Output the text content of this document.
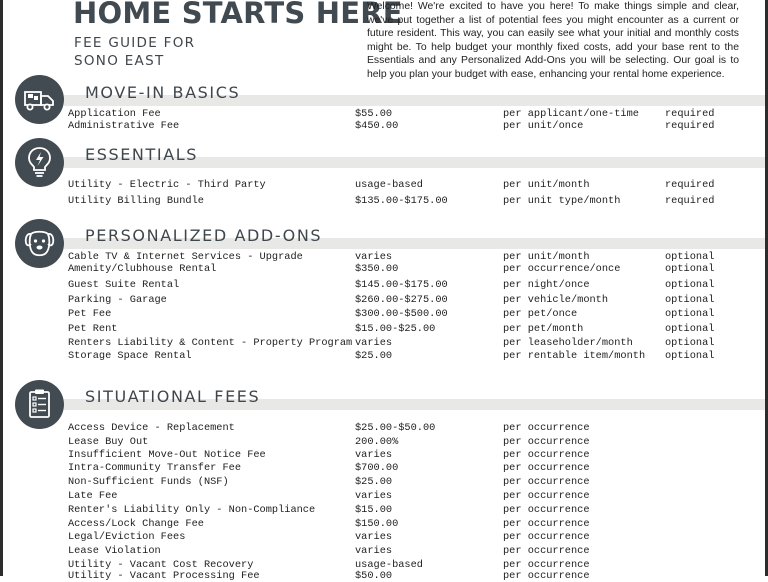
HOME STARTS HERE
FEE GUIDE FOR
SONO EAST

Welcome! We're excited to have you here! To make things simple and clear, we've put together a list of potential fees you might encounter as a current or future resident. This way, you can easily see what your initial and monthly costs might be. To help budget your monthly fixed costs, add your base rent to the Essentials and any Personalized Add-Ons you will be selecting. Our goal is to help you plan your budget with ease, enhancing your rental home experience.

MOVE-IN BASICS
ESSENTIALS
PERSONALIZED ADD-ONS
SITUATIONAL FEES
Application Fee	$55.00	per applicant/one-time	required
Administrative Fee	$450.00	per unit/once	required
Utility - Electric - Third Party	usage-based	per unit/month	required
Utility Billing Bundle	$135.00-$175.00	per unit type/month	required
Cable TV & Internet Services - Upgrade	varies	per unit/month	optional
Amenity/Clubhouse Rental	$350.00	per occurrence/once	optional
Guest Suite Rental	$145.00-$175.00	per night/once	optional
Parking - Garage	$260.00-$275.00	per vehicle/month	optional
Pet Fee	$300.00-$500.00	per pet/once	optional
Pet Rent	$15.00-$25.00	per pet/month	optional
Renters Liability & Content - Property Program varies	per leaseholder/month	optional
Storage Space Rental	$25.00	per rentable item/month optional
Access Device - Replacement	$25.00-$50.00	per occurrence
Lease Buy Out	200.00%	per occurrence
Insufficient Move-Out Notice Fee	varies	per occurrence
Intra-Community Transfer Fee	$700.00	per occurrence
Non-Sufficient Funds (NSF)	$25.00	per occurrence
Late Fee	varies	per occurrence
Renter's Liability Only - Non-Compliance	$15.00	per occurrence
Access/Lock Change Fee	$150.00	per occurrence
Legal/Eviction Fees	varies	per occurrence
Lease Violation	varies	per occurrence
Utility - Vacant Cost Recovery	usage-based	per occurrence
Utility - Vacant Processing Fee	$50.00	per occurrence
